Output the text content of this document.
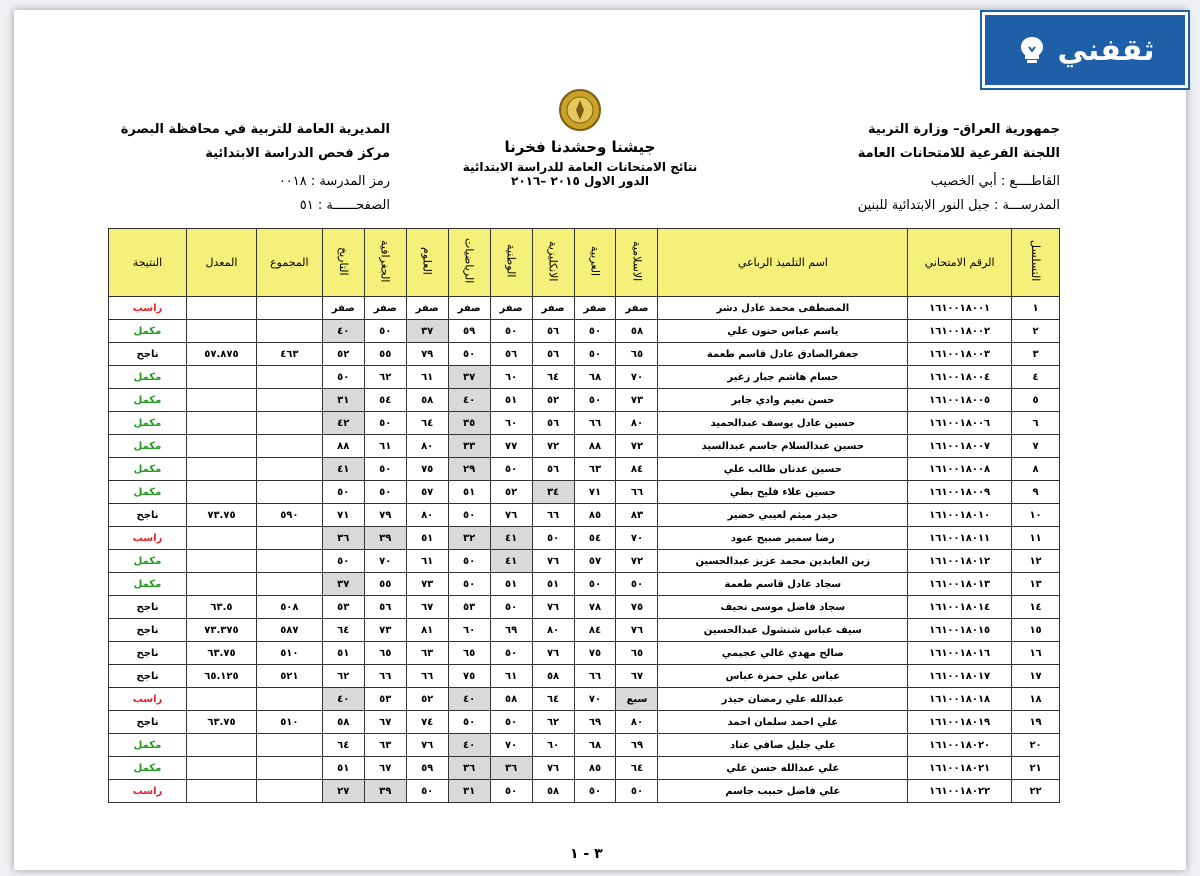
ثقفني
جمهورية العراق– وزارة التربية
اللجنة الفرعية للامتحانات العامة
القاطــــع : أبي الخصيب
المدرســـة : جبل النور الابتدائية للبنين
المديرية العامة للتربية في محافظة البصرة
مركز فحص الدراسة الابتدائية
رمز المدرسة : ٠٠١٨
الصفحــــــة : ٥١
جيشنا وحشدنا فخرنا
نتائج الامتحانات العامة للدراسة الابتدائية
الدور الاول ٢٠١٥ –٢٠١٦
التسلسل	الرقم الامتحاني	اسم التلميذ الرباعي	الاسلامية	العربية	الانكليزية	الوطنية	الرياضيات	العلوم	الجغرافية	التاريخ	المجموع	المعدل	النتيجة
١	١٦١٠٠١٨٠٠١	المصطفى محمد عادل دشر	صفر	صفر	صفر	صفر	صفر	صفر	صفر	صفر			راسب
٢	١٦١٠٠١٨٠٠٢	ياسم عباس حنون علي	٥٨	٥٠	٥٦	٥٠	٥٩	٣٧	٥٠	٤٠			مكمل
٣	١٦١٠٠١٨٠٠٣	جعفرالصادق عادل قاسم طعمة	٦٥	٥٠	٥٦	٥٦	٥٠	٧٩	٥٥	٥٢	٤٦٣	٥٧.٨٧٥	ناجح
٤	١٦١٠٠١٨٠٠٤	حسام هاشم جبار زغير	٧٠	٦٨	٦٤	٦٠	٣٧	٦١	٦٢	٥٠			مكمل
٥	١٦١٠٠١٨٠٠٥	حسن نعيم وادي جابر	٧٣	٥٠	٥٢	٥١	٤٠	٥٨	٥٤	٣١			مكمل
٦	١٦١٠٠١٨٠٠٦	حسين عادل يوسف عبدالحميد	٨٠	٦٦	٥٦	٦٠	٣٥	٦٤	٥٠	٤٢			مكمل
٧	١٦١٠٠١٨٠٠٧	حسين عبدالسلام جاسم عبدالسيد	٧٢	٨٨	٧٢	٧٧	٣٣	٨٠	٦١	٨٨			مكمل
٨	١٦١٠٠١٨٠٠٨	حسين عدنان طالب علي	٨٤	٦٣	٥٦	٥٠	٢٩	٧٥	٥٠	٤١			مكمل
٩	١٦١٠٠١٨٠٠٩	حسين علاء فليح بطي	٦٦	٧١	٣٤	٥٢	٥١	٥٧	٥٠	٥٠			مكمل
١٠	١٦١٠٠١٨٠١٠	حيدر ميثم لعيبي خضير	٨٣	٨٥	٦٦	٧٦	٥٠	٨٠	٧٩	٧١	٥٩٠	٧٣.٧٥	ناجح
١١	١٦١٠٠١٨٠١١	رضا سمير صبيح عبود	٧٠	٥٤	٥٠	٤١	٣٢	٥١	٣٩	٣٦			راسب
١٢	١٦١٠٠١٨٠١٢	زين العابدين محمد عزيز عبدالحسين	٧٢	٥٧	٧٦	٤١	٥٠	٦١	٧٠	٥٠			مكمل
١٣	١٦١٠٠١٨٠١٣	سجاد عادل قاسم طعمة	٥٠	٥٠	٥١	٥١	٥٠	٧٣	٥٥	٣٧			مكمل
١٤	١٦١٠٠١٨٠١٤	سجاد فاضل موسى نحيف	٧٥	٧٨	٧٦	٥٠	٥٣	٦٧	٥٦	٥٣	٥٠٨	٦٣.٥	ناجح
١٥	١٦١٠٠١٨٠١٥	سيف عباس شنشول عبدالحسين	٧٦	٨٤	٨٠	٦٩	٦٠	٨١	٧٣	٦٤	٥٨٧	٧٣.٣٧٥	ناجح
١٦	١٦١٠٠١٨٠١٦	صالح مهدي غالي عجيمي	٦٥	٧٥	٧٦	٥٠	٦٥	٦٣	٦٥	٥١	٥١٠	٦٣.٧٥	ناجح
١٧	١٦١٠٠١٨٠١٧	عباس علي حمزة عباس	٦٧	٦٦	٥٨	٦١	٧٥	٦٦	٦٦	٦٢	٥٢١	٦٥.١٢٥	ناجح
١٨	١٦١٠٠١٨٠١٨	عبدالله علي رمضان حيدر	سبع	٧٠	٦٤	٥٨	٤٠	٥٢	٥٣	٤٠			راسب
١٩	١٦١٠٠١٨٠١٩	علي احمد سلمان احمد	٨٠	٦٩	٦٢	٥٠	٥٠	٧٤	٦٧	٥٨	٥١٠	٦٣.٧٥	ناجح
٢٠	١٦١٠٠١٨٠٢٠	علي جليل صافي عناد	٦٩	٦٨	٦٠	٧٠	٤٠	٧٦	٦٣	٦٤			مكمل
٢١	١٦١٠٠١٨٠٢١	علي عبدالله حسن علي	٦٤	٨٥	٧٦	٣٦	٣٦	٥٩	٦٧	٥١			مكمل
٢٢	١٦١٠٠١٨٠٢٢	علي فاضل حبيب جاسم	٥٠	٥٠	٥٨	٥٠	٣١	٥٠	٣٩	٢٧			راسب
٣ - ١
